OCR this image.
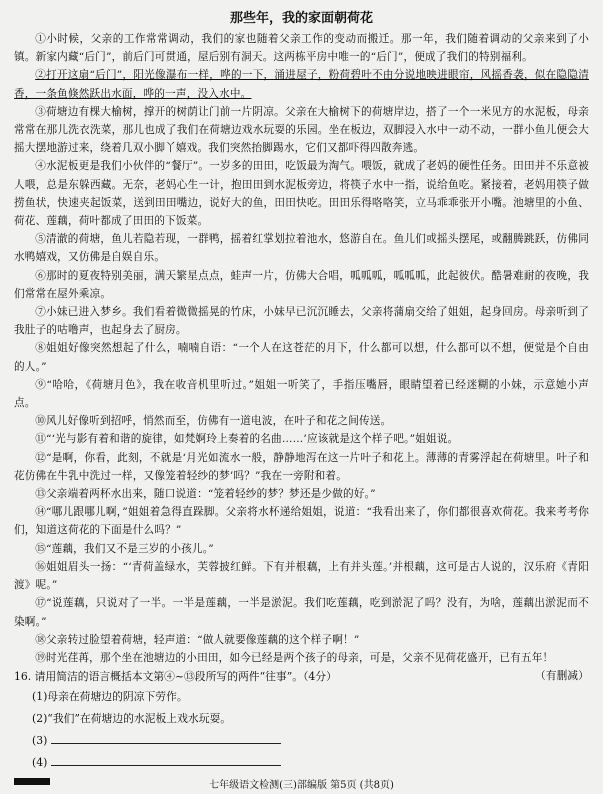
那些年，我的家面朝荷花

①小时候，父亲的工作常常调动，我们的家也随着父亲工作的变动而搬迁。那一年，我们随着调动的父亲来到了小镇。新家内藏“后门”，前后门可贯通，屋后别有洞天。这两栋平房中唯一的“后门”，便成了我们的特别福利。

②打开这扇“后门”，阳光像瀑布一样，哗的一下，涌进屋子，粉荷碧叶不由分说地映进眼帘，风摇香袭，似在隐隐清香，一条鱼倏然跃出水面，哗的一声，没入水中。

③荷塘边有棵大榆树，撑开的树荫让门前一片阴凉。父亲在大榆树下的荷塘岸边，搭了一个一米见方的水泥板，母亲常常在那儿洗衣洗菜，那儿也成了我们在荷塘边戏水玩耍的乐园。坐在板边，双脚浸入水中一动不动，一群小鱼儿便会大摇大摆地游过来，绕着几双小脚丫嬉戏。我们突然抬脚踢水，它们又都吓得四散奔逃。

④水泥板更是我们小伙伴的“餐厅”。一岁多的田田，吃饭最为淘气。喂饭，就成了老妈的硬性任务。田田并不乐意被人喂，总是东躲西藏。无奈，老妈心生一计，抱田田到水泥板旁边，将筷子水中一指，说给鱼吃。紧接着，老妈用筷子做捞鱼状，快速夹起饭菜，送到田田嘴边，说好大的鱼，田田快吃。田田乐得咯咯笑，立马乖乖张开小嘴。池塘里的小鱼、荷花、莲藕，荷叶都成了田田的下饭菜。

⑤清澈的荷塘，鱼儿若隐若现，一群鸭，摇着红掌划拉着池水，悠游自在。鱼儿们或摇头摆尾，或翻腾跳跃，仿佛同水鸭嬉戏，又仿佛是自娱自乐。

⑥那时的夏夜特别美丽，满天繁星点点，蛙声一片，仿佛大合唱，呱呱呱，呱呱呱，此起彼伏。酷暑难耐的夜晚，我们常常在屋外乘凉。

⑦小妹已进入梦乡。我们看着微微摇晃的竹床，小妹早已沉沉睡去，父亲将蒲扇交给了姐姐，起身回房。母亲听到了我肚子的咕噜声，也起身去了厨房。

⑧姐姐好像突然想起了什么，喃喃自语：“一个人在这苍茫的月下，什么都可以想，什么都可以不想，便觉是个自由的人。”

⑨“哈哈，《荷塘月色》，我在收音机里听过。”姐姐一听笑了，手指压嘴唇，眼睛望着已经迷糊的小妹，示意她小声点。

⑩风儿好像听到招呼，悄然而至，仿佛有一道电波，在叶子和花之间传送。

⑪“‘光与影有着和谐的旋律，如梵婀玲上奏着的名曲……’应该就是这个样子吧。”姐姐说。

⑫“是啊，你看，此刻，不就是‘月光如流水一般，静静地泻在这一片叶子和花上。薄薄的青雾浮起在荷塘里。叶子和花仿佛在牛乳中洗过一样，又像笼着轻纱的梦’吗？”我在一旁附和着。

⑬父亲端着两杯水出来，随口说道：“笼着轻纱的梦？梦还是少做的好。”

⑭“哪儿跟哪儿啊，”姐姐着急得直跺脚。父亲将水杯递给姐姐，说道：“我看出来了，你们都很喜欢荷花。我来考考你们，知道这荷花的下面是什么吗？”

⑮“莲藕，我们又不是三岁的小孩儿。”

⑯姐姐眉头一扬：“‘青荷盖绿水，芙蓉披红鲜。下有并根藕，上有并头莲。’并根藕，这可是古人说的，汉乐府《青阳渡》呢。”

⑰“说莲藕，只说对了一半。一半是莲藕，一半是淤泥。我们吃莲藕，吃到淤泥了吗？没有，为啥，莲藕出淤泥而不染啊。”

⑱父亲转过脸望着荷塘，轻声道：“做人就要像莲藕的这个样子啊！”

⑲时光荏苒，那个坐在池塘边的小田田，如今已经是两个孩子的母亲，可是，父亲不见荷花盛开，已有五年！
（有删减）

16. 请用简洁的语言概括本文第④~⑬段所写的两件“往事”。（4分）
(1)母亲在荷塘边的阴凉下劳作。
(2)“我们”在荷塘边的水泥板上戏水玩耍。
(3)
(4)
七年级语文检测(三)部编版 第5页 (共8页)
